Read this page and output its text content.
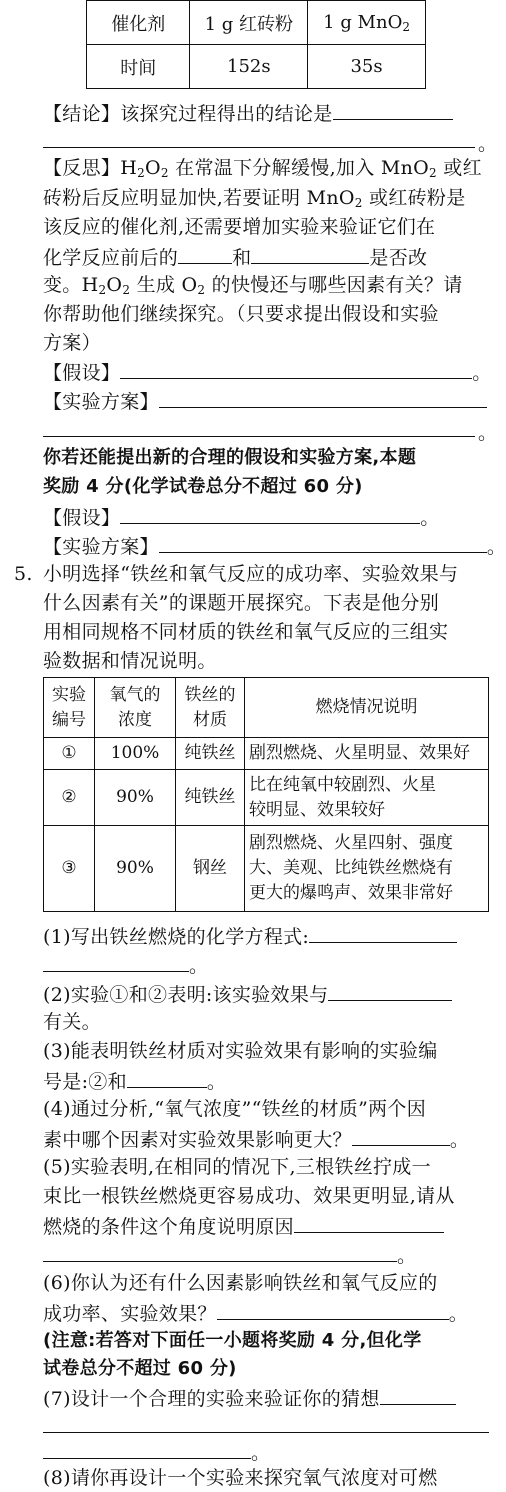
催化剂	1 g 红砖粉	1 g MnO$_2$
时间	152s	35s
【结论】该探究过程得出的结论是
。
【反思】$H_2O_2$ 在常温下分解缓慢,加入 MnO$_2$ 或红
砖粉后反应明显加快,若要证明 MnO$_2$ 或红砖粉是
该反应的催化剂,还需要增加实验来验证它们在
化学反应前后的	和	是否改
变。$H_2O_2$ 生成 $O_2$ 的快慢还与哪些因素有关？请
你帮助他们继续探究。（只要求提出假设和实验
方案）
【假设】	。
【实验方案】
。
你若还能提出新的合理的假设和实验方案,本题
奖励 4 分(化学试卷总分不超过 60 分)
【假设】	。
【实验方案】	。
5. 小明选择“铁丝和氧气反应的成功率、实验效果与
什么因素有关”的课题开展探究。下表是他分别
用相同规格不同材质的铁丝和氧气反应的三组实
验数据和情况说明。
实验
编号	氧气的
浓度	铁丝的
材质	燃烧情况说明
①	100%	纯铁丝	剧烈燃烧、火星明显、效果好
②	90%	纯铁丝	比在纯氧中较剧烈、火星
较明显、效果较好
③	90%	钢丝	剧烈燃烧、火星四射、强度
大、美观、比纯铁丝燃烧有
更大的爆鸣声、效果非常好
(1)写出铁丝燃烧的化学方程式:
。
(2)实验①和②表明:该实验效果与
有关。
(3)能表明铁丝材质对实验效果有影响的实验编
号是:②和	。
(4)通过分析,“氧气浓度”“铁丝的材质”两个因
素中哪个因素对实验效果影响更大？	。
(5)实验表明,在相同的情况下,三根铁丝拧成一
束比一根铁丝燃烧更容易成功、效果更明显,请从
燃烧的条件这个角度说明原因
。
(6)你认为还有什么因素影响铁丝和氧气反应的
成功率、实验效果？	。
(注意:若答对下面任一小题将奖励 4 分,但化学
试卷总分不超过 60 分)
(7)设计一个合理的实验来验证你的猜想
。
(8)请你再设计一个实验来探究氧气浓度对可燃
